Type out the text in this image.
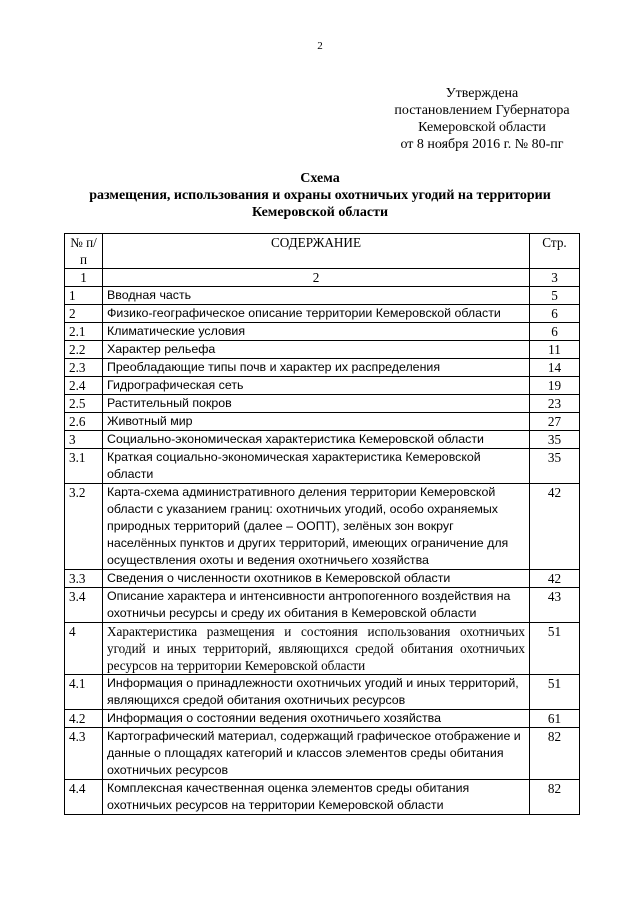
2
Утверждена
постановлением Губернатора
Кемеровской области
от 8 ноября 2016 г. № 80-пг
Схема
размещения, использования и охраны охотничьих угодий на территории
Кемеровской области
№ п/п	СОДЕРЖАНИЕ	Стр.
1	2	3
1	Вводная часть	5
2	Физико-географическое описание территории Кемеровской области	6
2.1	Климатические условия	6
2.2	Характер рельефа	11
2.3	Преобладающие типы почв и характер их распределения	14
2.4	Гидрографическая сеть	19
2.5	Растительный покров	23
2.6	Животный мир	27
3	Социально-экономическая характеристика Кемеровской области	35
3.1	Краткая социально-экономическая характеристика Кемеровской области	35
3.2	Карта-схема административного деления территории Кемеровской области с указанием границ: охотничьих угодий, особо охраняемых природных территорий (далее – ООПТ), зелёных зон вокруг населённых пунктов и других территорий, имеющих ограничение для осуществления охоты и ведения охотничьего хозяйства	42
3.3	Сведения о численности охотников в Кемеровской области	42
3.4	Описание характера и интенсивности антропогенного воздействия на охотничьи ресурсы и среду их обитания в Кемеровской области	43
4	Характеристика размещения и состояния использования охотничьих угодий и иных территорий, являющихся средой обитания охотничьих ресурсов на территории Кемеровской области	51
4.1	Информация о принадлежности охотничьих угодий и иных территорий, являющихся средой обитания охотничьих ресурсов	51
4.2	Информация о состоянии ведения охотничьего хозяйства	61
4.3	Картографический материал, содержащий графическое отображение и данные о площадях категорий и классов элементов среды обитания охотничьих ресурсов	82
4.4	Комплексная качественная оценка элементов среды обитания охотничьих ресурсов на территории Кемеровской области	82
